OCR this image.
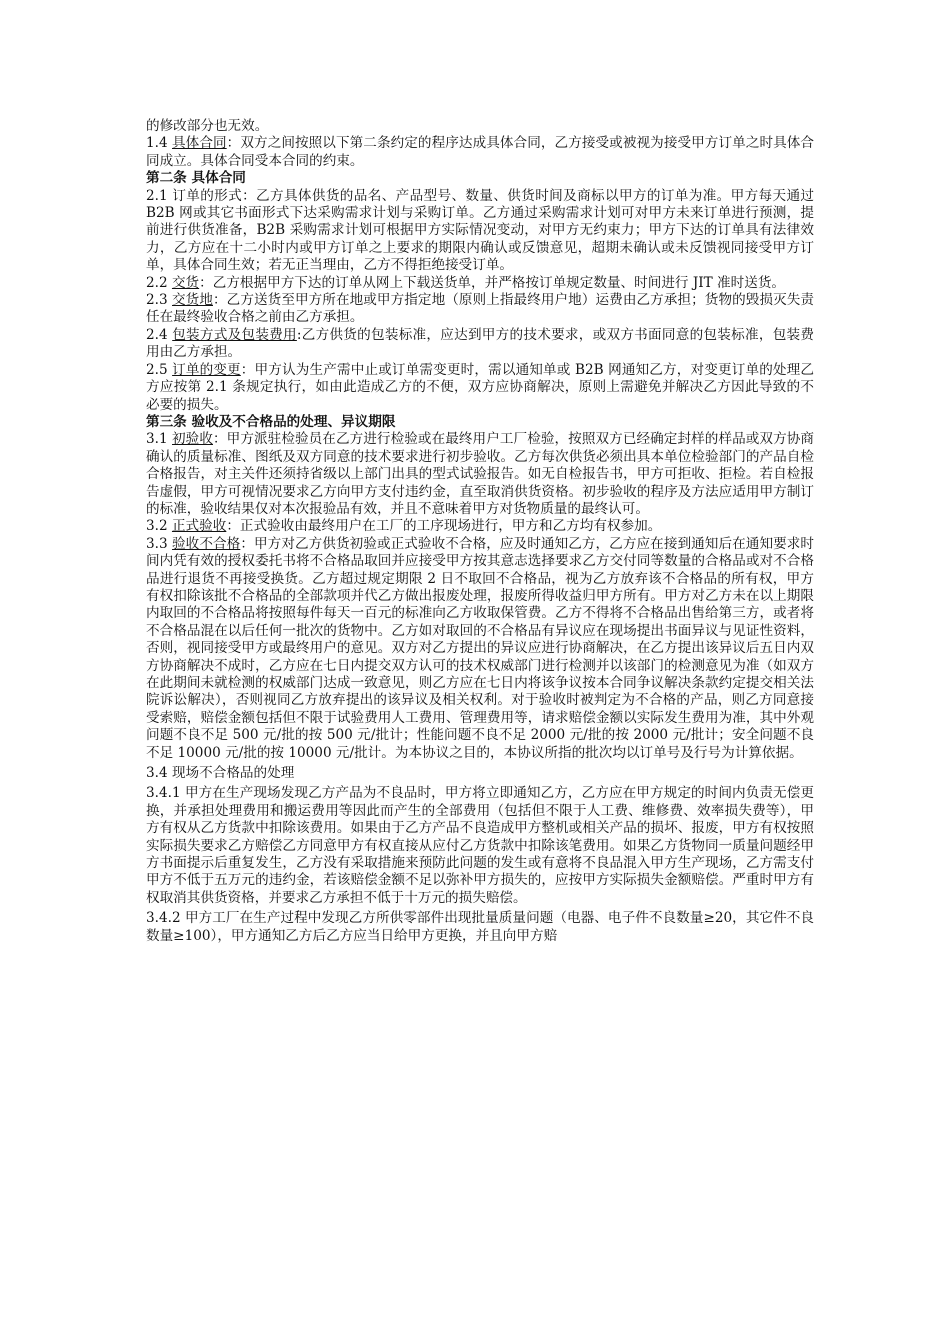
的修改部分也无效。

1.4 具体合同：双方之间按照以下第二条约定的程序达成具体合同，乙方接受或被视为接受甲方订单之时具体合同成立。具体合同受本合同的约束。

第二条 具体合同

2.1 订单的形式：乙方具体供货的品名、产品型号、数量、供货时间及商标以甲方的订单为准。甲方每天通过 B2B 网或其它书面形式下达采购需求计划与采购订单。乙方通过采购需求计划可对甲方未来订单进行预测，提前进行供货准备，B2B 采购需求计划可根据甲方实际情况变动，对甲方无约束力；甲方下达的订单具有法律效力，乙方应在十二小时内或甲方订单之上要求的期限内确认或反馈意见，超期未确认或未反馈视同接受甲方订单，具体合同生效；若无正当理由，乙方不得拒绝接受订单。

2.2 交货：乙方根据甲方下达的订单从网上下载送货单，并严格按订单规定数量、时间进行 JIT 准时送货。

2.3 交货地：乙方送货至甲方所在地或甲方指定地（原则上指最终用户地）运费由乙方承担；货物的毁损灭失责任在最终验收合格之前由乙方承担。

2.4 包装方式及包装费用:乙方供货的包装标准，应达到甲方的技术要求，或双方书面同意的包装标准，包装费用由乙方承担。

2.5 订单的变更：甲方认为生产需中止或订单需变更时，需以通知单或 B2B 网通知乙方，对变更订单的处理乙方应按第 2.1 条规定执行，如由此造成乙方的不便，双方应协商解决，原则上需避免并解决乙方因此导致的不必要的损失。

第三条 验收及不合格品的处理、异议期限

3.1 初验收：甲方派驻检验员在乙方进行检验或在最终用户工厂检验，按照双方已经确定封样的样品或双方协商确认的质量标准、图纸及双方同意的技术要求进行初步验收。乙方每次供货必须出具本单位检验部门的产品自检合格报告，对主关件还须持省级以上部门出具的型式试验报告。如无自检报告书，甲方可拒收、拒检。若自检报告虚假，甲方可视情况要求乙方向甲方支付违约金，直至取消供货资格。初步验收的程序及方法应适用甲方制订的标准，验收结果仅对本次报验品有效，并且不意味着甲方对货物质量的最终认可。

3.2 正式验收：正式验收由最终用户在工厂的工序现场进行，甲方和乙方均有权参加。

3.3 验收不合格：甲方对乙方供货初验或正式验收不合格，应及时通知乙方，乙方应在接到通知后在通知要求时间内凭有效的授权委托书将不合格品取回并应接受甲方按其意志选择要求乙方交付同等数量的合格品或对不合格品进行退货不再接受换货。乙方超过规定期限 2 日不取回不合格品，视为乙方放弃该不合格品的所有权，甲方有权扣除该批不合格品的全部款项并代乙方做出报废处理，报废所得收益归甲方所有。甲方对乙方未在以上期限内取回的不合格品将按照每件每天一百元的标准向乙方收取保管费。乙方不得将不合格品出售给第三方，或者将不合格品混在以后任何一批次的货物中。乙方如对取回的不合格品有异议应在现场提出书面异议与见证性资料，否则，视同接受甲方或最终用户的意见。双方对乙方提出的异议应进行协商解决，在乙方提出该异议后五日内双方协商解决不成时，乙方应在七日内提交双方认可的技术权威部门进行检测并以该部门的检测意见为准（如双方在此期间未就检测的权威部门达成一致意见，则乙方应在七日内将该争议按本合同争议解决条款约定提交相关法院诉讼解决），否则视同乙方放弃提出的该异议及相关权利。对于验收时被判定为不合格的产品，则乙方同意接受索赔，赔偿金额包括但不限于试验费用人工费用、管理费用等，请求赔偿金额以实际发生费用为准，其中外观问题不良不足 500 元/批的按 500 元/批计；性能问题不良不足 2000 元/批的按 2000 元/批计；安全问题不良不足 10000 元/批的按 10000 元/批计。为本协议之目的，本协议所指的批次均以订单号及行号为计算依据。

3.4 现场不合格品的处理

3.4.1 甲方在生产现场发现乙方产品为不良品时，甲方将立即通知乙方，乙方应在甲方规定的时间内负责无偿更换，并承担处理费用和搬运费用等因此而产生的全部费用（包括但不限于人工费、维修费、效率损失费等），甲方有权从乙方货款中扣除该费用。如果由于乙方产品不良造成甲方整机或相关产品的损坏、报废，甲方有权按照实际损失要求乙方赔偿乙方同意甲方有权直接从应付乙方货款中扣除该笔费用。如果乙方货物同一质量问题经甲方书面提示后重复发生，乙方没有采取措施来预防此问题的发生或有意将不良品混入甲方生产现场，乙方需支付甲方不低于五万元的违约金，若该赔偿金额不足以弥补甲方损失的，应按甲方实际损失金额赔偿。严重时甲方有权取消其供货资格，并要求乙方承担不低于十万元的损失赔偿。

3.4.2 甲方工厂在生产过程中发现乙方所供零部件出现批量质量问题（电器、电子件不良数量≥20，其它件不良数量≥100），甲方通知乙方后乙方应当日给甲方更换，并且向甲方赔
